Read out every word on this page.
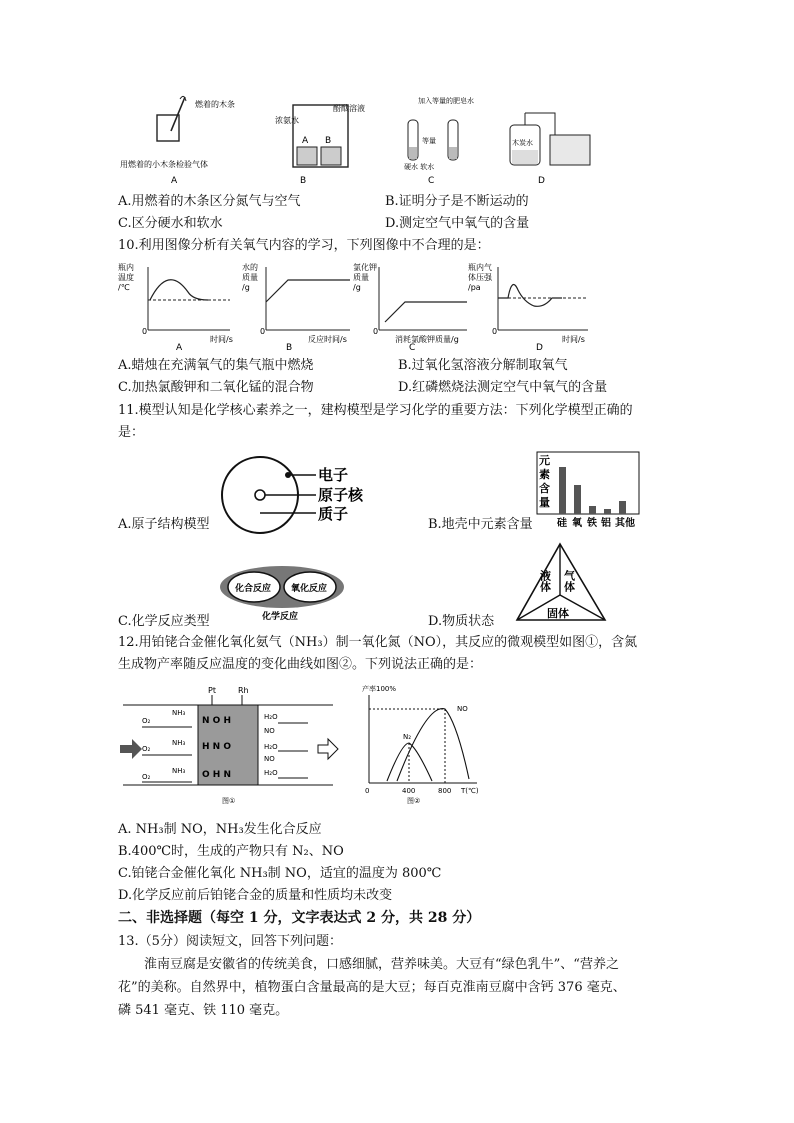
燃着的木条
用燃着的小木条检验气体
A
浓氨水
酚酞溶液
A B
B
加入等量的肥皂水
等量
硬水 软水
C
木炭水
D
A.用燃着的木条区分氮气与空气	B.证明分子是不断运动的
C.区分硬水和软水	D.测定空气中氧气的含量
10.利用图像分析有关氧气内容的学习，下列图像中不合理的是：
瓶内
温度
/℃
0
时间/s
A
水的
质量
/g
0
反应时间/s
B
氯化钾
质量
/g
0
消耗氯酸钾质量/g
C
瓶内气
体压强
/pa
0
时间/s
D
A.蜡烛在充满氧气的集气瓶中燃烧	B.过氧化氢溶液分解制取氧气
C.加热氯酸钾和二氧化锰的混合物	D.红磷燃烧法测定空气中氧气的含量
11.模型认知是化学核心素养之一，建构模型是学习化学的重要方法：下列化学模型正确的
是：
电子
原子核
质子
元
素
含
量
硅 氧 铁 铝 其他
A.原子结构模型	B.地壳中元素含量
化合反应 氧化反应
化学反应
液体 气体
固体
C.化学反应类型	D.物质状态
12.用铂铑合金催化氧化氨气（NH₃）制一氧化氮（NO），其反应的微观模型如图①，含氮
生成物产率随反应温度的变化曲线如图②。下列说法正确的是：
Pt	Rh
N O H
H N O
O H N
O₂
NH₃
O₂
NH₃
O₂
NH₃
H₂O
NO
H₂O
NO
H₂O
图①
产率100%
NO
N₂
0	400	800 T(℃)
图②
A. NH₃制 NO，NH₃发生化合反应
B.400℃时，生成的产物只有 N₂、NO
C.铂铑合金催化氧化 NH₃制 NO，适宜的温度为 800℃
D.化学反应前后铂铑合金的质量和性质均未改变
二、非选择题（每空 1 分，文字表达式 2 分，共 28 分）
13.（5分）阅读短文，回答下列问题：
淮南豆腐是安徽省的传统美食，口感细腻，营养味美。大豆有“绿色乳牛”、“营养之
花”的美称。自然界中，植物蛋白含量最高的是大豆；每百克淮南豆腐中含钙 376 毫克、
磷 541 毫克、铁 110 毫克。
